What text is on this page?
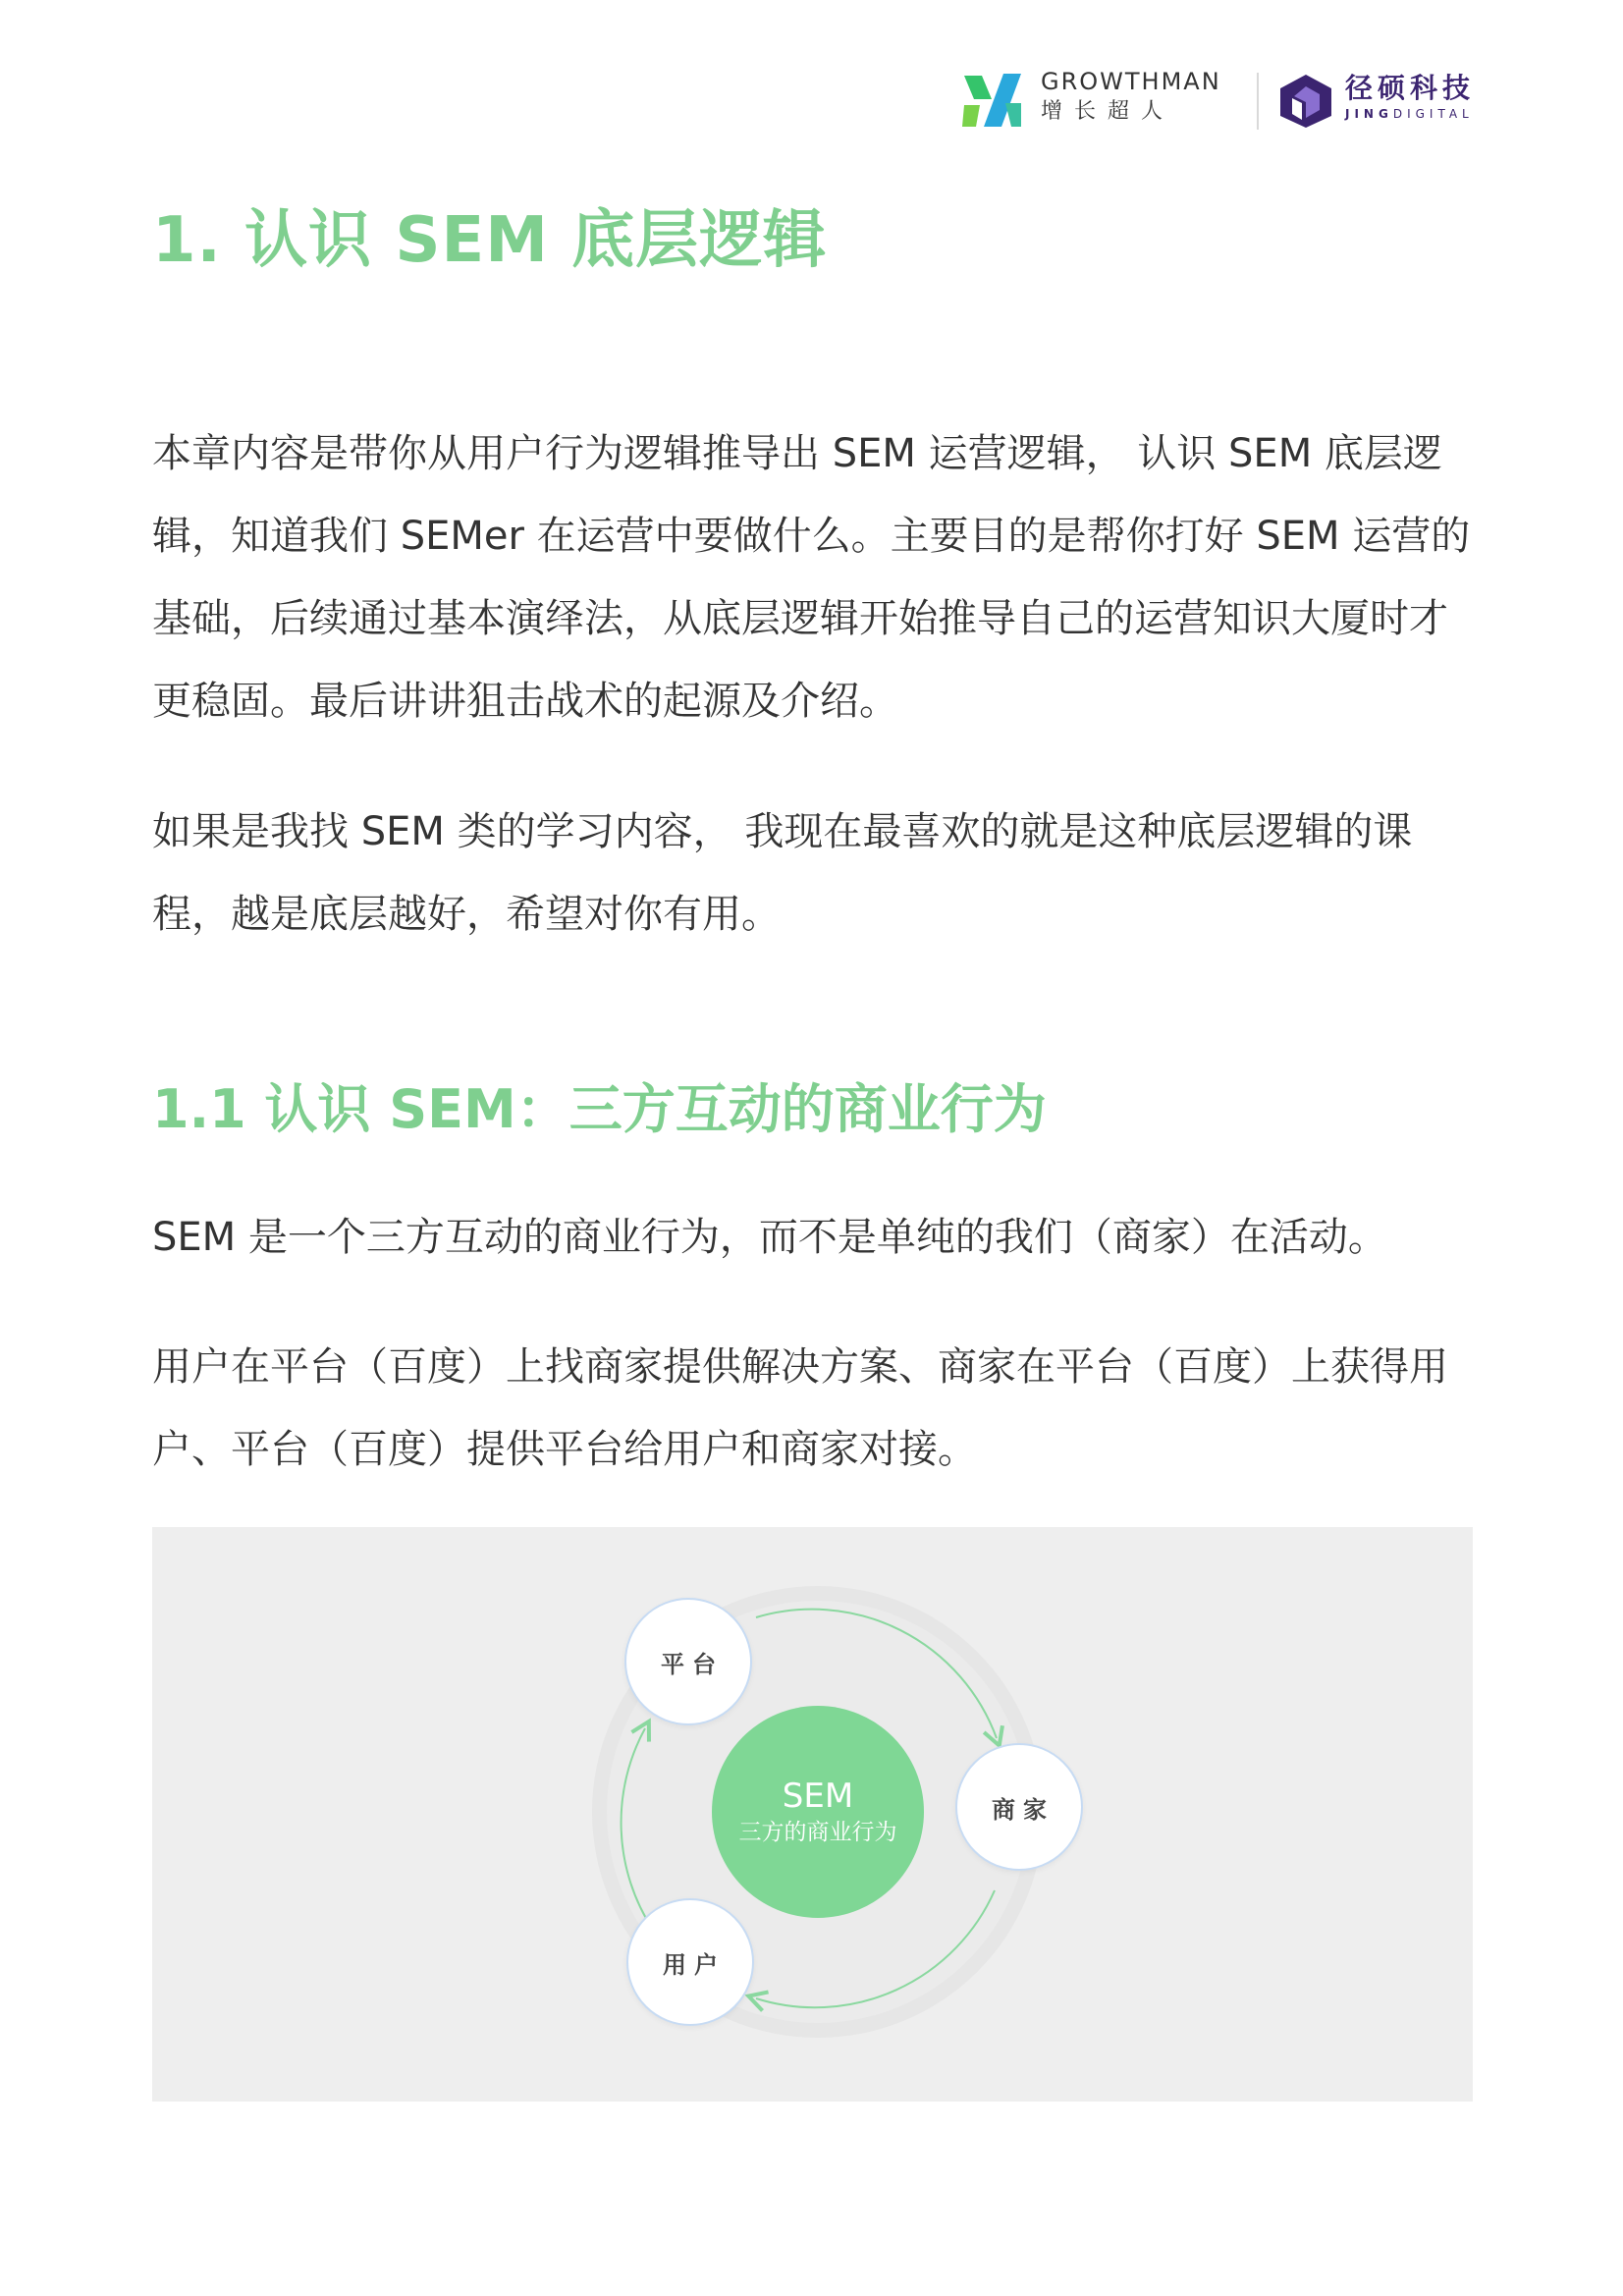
GROWTHMAN
增长超人
径硕科技
JINGDIGITAL
1. 认识 SEM 底层逻辑

本章内容是带你从用户行为逻辑推导出 SEM 运营逻辑， 认识 SEM 底层逻辑，知道我们 SEMer 在运营中要做什么。主要目的是帮你打好 SEM 运营的基础，后续通过基本演绎法，从底层逻辑开始推导自己的运营知识大厦时才更稳固。最后讲讲狙击战术的起源及介绍。

如果是我找 SEM 类的学习内容， 我现在最喜欢的就是这种底层逻辑的课程，越是底层越好，希望对你有用。

1.1 认识 SEM：三方互动的商业行为

SEM 是一个三方互动的商业行为，而不是单纯的我们（商家）在活动。

用户在平台（百度）上找商家提供解决方案、商家在平台（百度）上获得用户、平台（百度）提供平台给用户和商家对接。

平台
商家
用户
SEM
三方的商业行为
